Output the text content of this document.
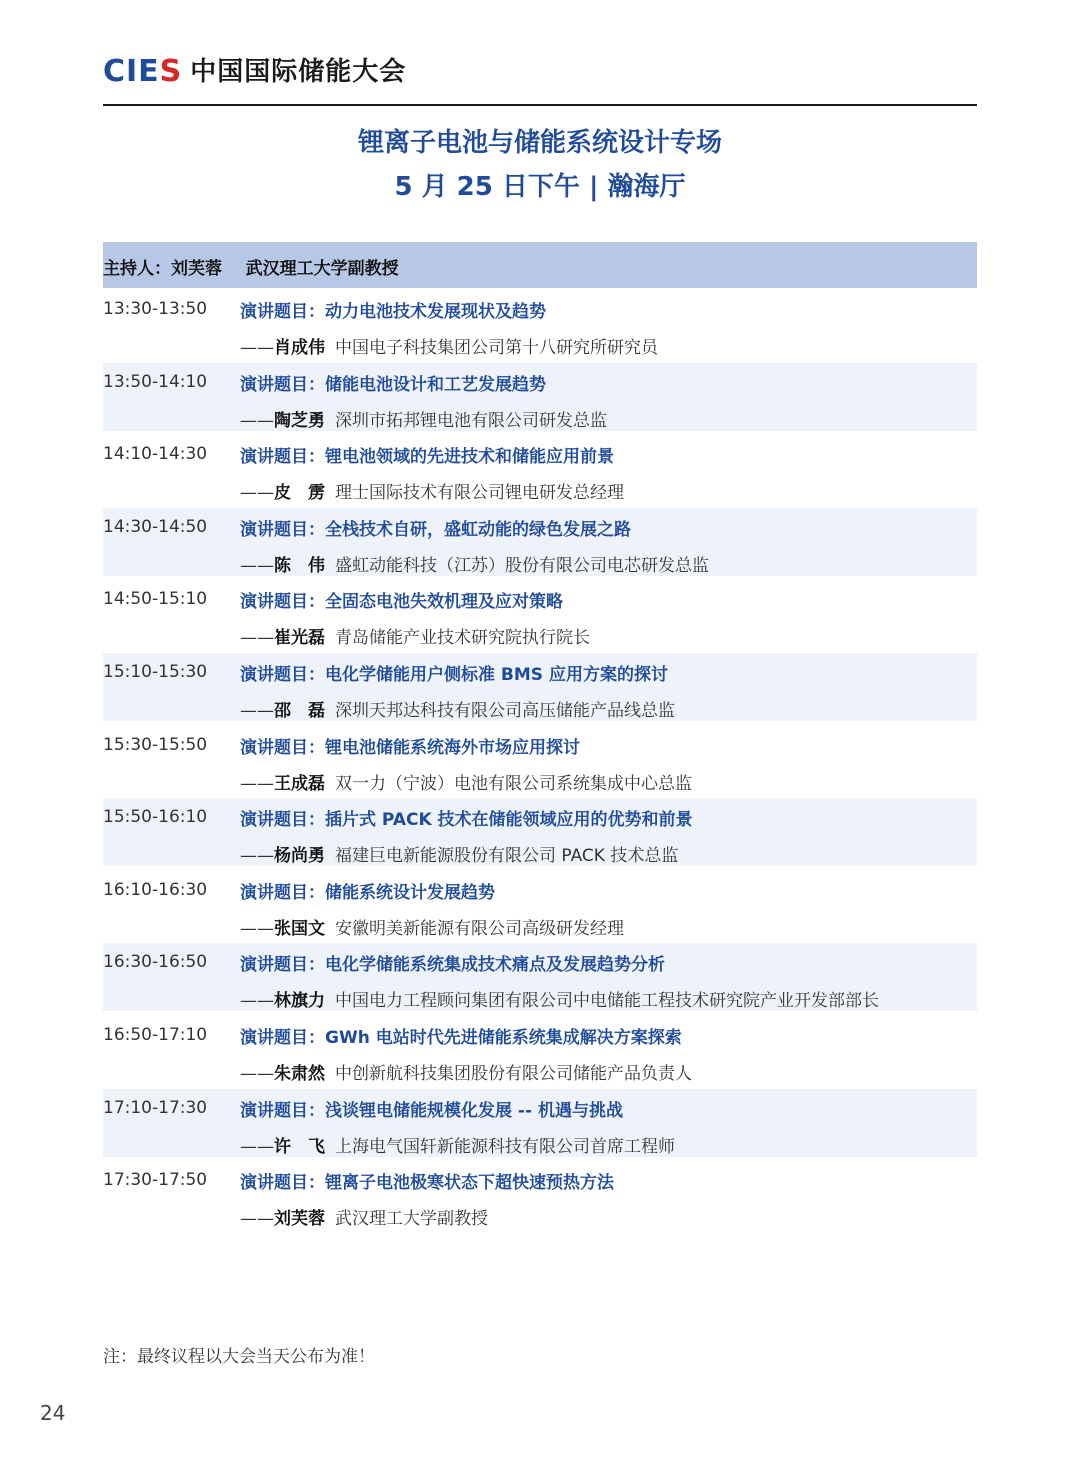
CIES 中国国际储能大会
锂离子电池与储能系统设计专场
5 月 25 日下午 | 瀚海厅
主持人：刘芙蓉    武汉理工大学副教授
13:30-13:50 演讲题目：动力电池技术发展现状及趋势
——肖成伟 中国电子科技集团公司第十八研究所研究员
13:50-14:10 演讲题目：储能电池设计和工艺发展趋势
——陶芝勇 深圳市拓邦锂电池有限公司研发总监
14:10-14:30 演讲题目：锂电池领域的先进技术和储能应用前景
——皮　雳 理士国际技术有限公司锂电研发总经理
14:30-14:50 演讲题目：全栈技术自研，盛虹动能的绿色发展之路
——陈　伟 盛虹动能科技（江苏）股份有限公司电芯研发总监
14:50-15:10 演讲题目：全固态电池失效机理及应对策略
——崔光磊 青岛储能产业技术研究院执行院长
15:10-15:30 演讲题目：电化学储能用户侧标准 BMS 应用方案的探讨
——邵　磊 深圳天邦达科技有限公司高压储能产品线总监
15:30-15:50 演讲题目：锂电池储能系统海外市场应用探讨
——王成磊 双一力（宁波）电池有限公司系统集成中心总监
15:50-16:10 演讲题目：插片式 PACK 技术在储能领域应用的优势和前景
——杨尚勇 福建巨电新能源股份有限公司 PACK 技术总监
16:10-16:30 演讲题目：储能系统设计发展趋势
——张国文 安徽明美新能源有限公司高级研发经理
16:30-16:50 演讲题目：电化学储能系统集成技术痛点及发展趋势分析
——林旗力 中国电力工程顾问集团有限公司中电储能工程技术研究院产业开发部部长
16:50-17:10 演讲题目：GWh 电站时代先进储能系统集成解决方案探索
——朱肃然 中创新航科技集团股份有限公司储能产品负责人
17:10-17:30 演讲题目：浅谈锂电储能规模化发展 -- 机遇与挑战
——许　飞 上海电气国轩新能源科技有限公司首席工程师
17:30-17:50 演讲题目：锂离子电池极寒状态下超快速预热方法
——刘芙蓉 武汉理工大学副教授
注：最终议程以大会当天公布为准！
24
